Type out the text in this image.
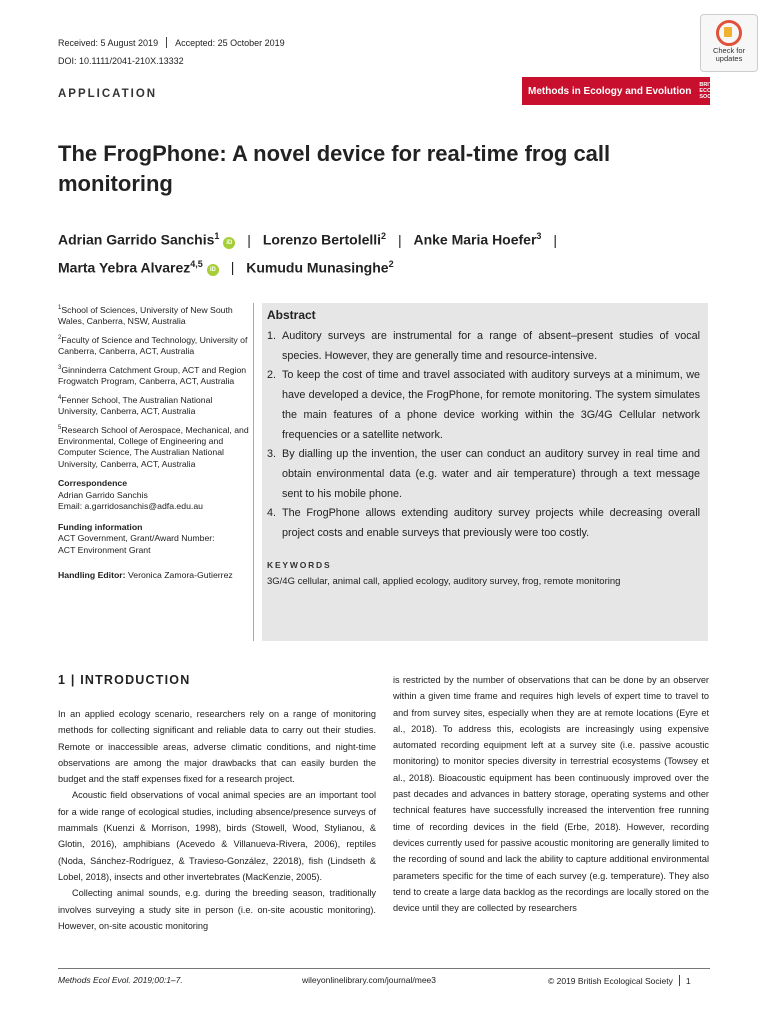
Received: 5 August 2019 Accepted: 25 October 2019
DOI: 10.1111/2041-210X.13332
APPLICATION
Check for
updates
Methods in Ecology and Evolution
BRITISH
ECOLOGICAL
SOCIETY
The FrogPhone: A novel device for real-time frog call monitoring
Adrian Garrido Sanchis$^1$iD | Lorenzo Bertolelli$^2$ | Anke Maria Hoefer$^3$ |
Marta Yebra Alvarez$^{4,5}$iD | Kumudu Munasinghe$^2$

$^1$School of Sciences, University of New South Wales, Canberra, NSW, Australia

$^2$Faculty of Science and Technology, University of Canberra, Canberra, ACT, Australia

$^3$Ginninderra Catchment Group, ACT and Region Frogwatch Program, Canberra, ACT, Australia

$^4$Fenner School, The Australian National University, Canberra, ACT, Australia

$^5$Research School of Aerospace, Mechanical, and Environmental, College of Engineering and Computer Science, The Australian National University, Canberra, ACT, Australia

Correspondence
Adrian Garrido Sanchis
Email: a.garridosanchis@adfa.edu.au
Funding information
ACT Government, Grant/Award Number:
ACT Environment Grant
Handling Editor: Veronica Zamora-Gutierrez
Abstract
1. Auditory surveys are instrumental for a range of absent–present studies of vocal species. However, they are generally time and resource-intensive.
2. To keep the cost of time and travel associated with auditory surveys at a minimum, we have developed a device, the FrogPhone, for remote monitoring. The system simulates the main features of a phone device working within the 3G/4G Cellular network frequencies or a satellite network.
3. By dialling up the invention, the user can conduct an auditory survey in real time and obtain environmental data (e.g. water and air temperature) through a text message sent to his mobile phone.
4. The FrogPhone allows extending auditory survey projects while decreasing overall project costs and enable surveys that previously were too costly.
KEYWORDS
3G/4G cellular, animal call, applied ecology, auditory survey, frog, remote monitoring
1 | INTRODUCTION

In an applied ecology scenario, researchers rely on a range of monitoring methods for collecting significant and reliable data to carry out their studies. Remote or inaccessible areas, adverse climatic conditions, and night-time observations are among the major drawbacks that can easily burden the budget and the staff expenses fixed for a research project.

Acoustic field observations of vocal animal species are an important tool for a wide range of ecological studies, including absence/presence surveys of mammals (Kuenzi & Morrison, 1998), birds (Stowell, Wood, Stylianou, & Glotin, 2016), amphibians (Acevedo & Villanueva-Rivera, 2006), reptiles (Noda, Sánchez-Rodríguez, & Travieso-González, 22018), fish (Lindseth & Lobel, 2018), insects and other invertebrates (MacKenzie, 2005).

Collecting animal sounds, e.g. during the breeding season, traditionally involves surveying a study site in person (i.e. on-site acoustic monitoring). However, on-site acoustic monitoring

is restricted by the number of observations that can be done by an observer within a given time frame and requires high levels of expert time to travel to and from survey sites, especially when they are at remote locations (Eyre et al., 2018). To address this, ecologists are increasingly using expensive automated recording equipment left at a survey site (i.e. passive acoustic monitoring) to monitor species diversity in terrestrial ecosystems (Towsey et al., 2018). Bioacoustic equipment has been continuously improved over the past decades and advances in battery storage, operating systems and other technical features have successfully increased the intervention free running time of recording devices in the field (Erbe, 2018). However, recording devices currently used for passive acoustic monitoring are generally limited to the recording of sound and lack the ability to capture additional environmental parameters specific for the time of each survey (e.g. temperature). They also tend to create a large data backlog as the recordings are locally stored on the device until they are collected by researchers

Methods Ecol Evol. 2019;00:1–7.	wileyonlinelibrary.com/journal/mee3	© 2019 British Ecological Society 1
